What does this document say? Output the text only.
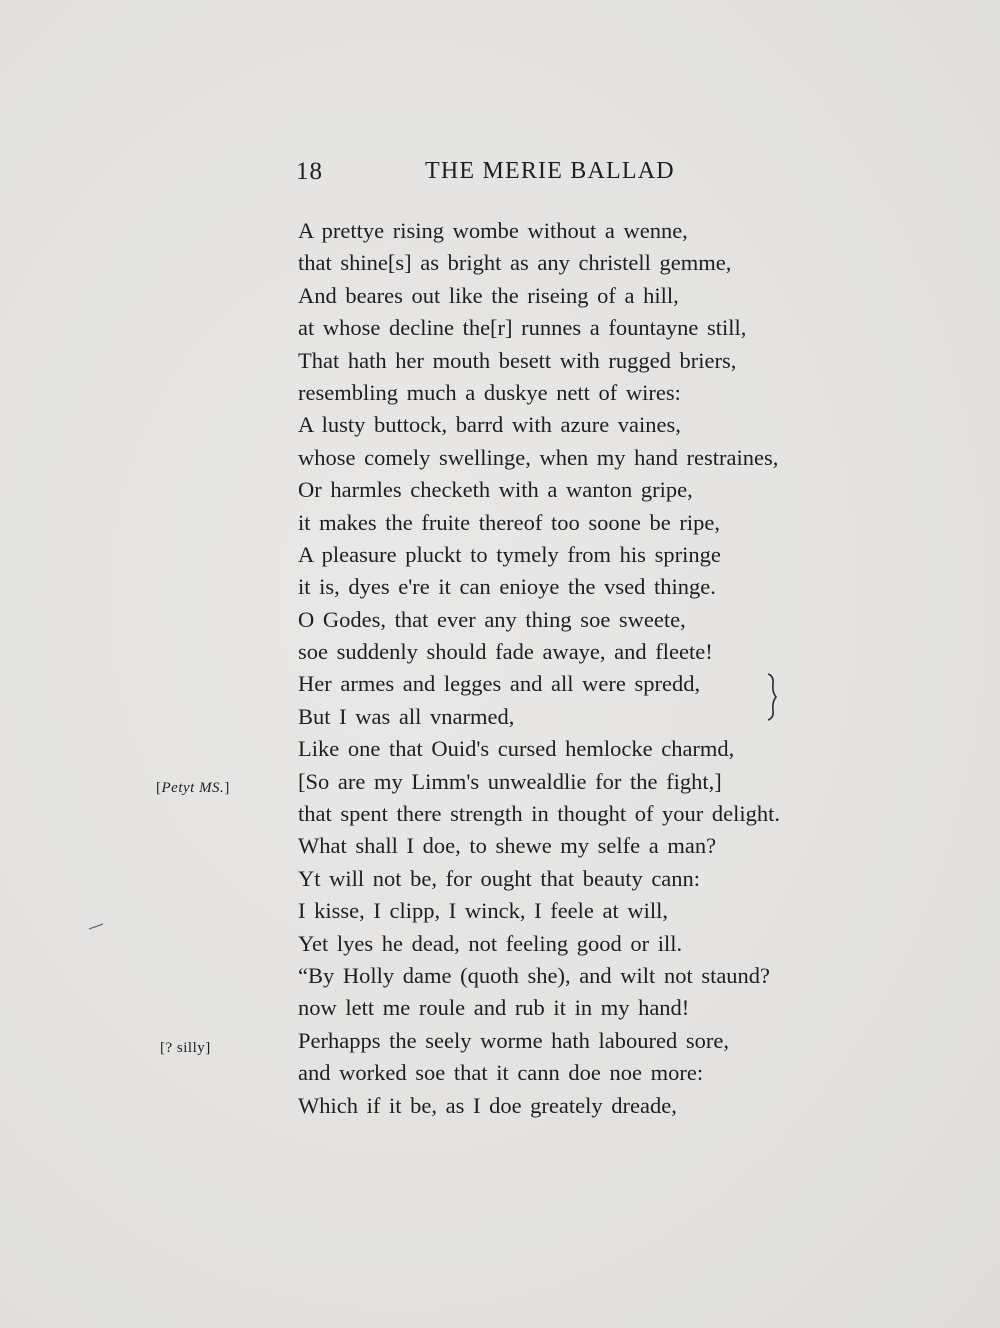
18	THE MERIE BALLAD
A prettye rising wombe without a wenne,
that shine[s] as bright as any christell gemme,
And beares out like the riseing of a hill,
at whose decline the[r] runnes a fountayne still,
That hath her mouth besett with rugged briers,
resembling much a duskye nett of wires:
A lusty buttock, barrd with azure vaines,
whose comely swellinge, when my hand restraines,
Or harmles checketh with a wanton gripe,
it makes the fruite thereof too soone be ripe,
A pleasure pluckt to tymely from his springe
it is, dyes e're it can enioye the vsed thinge.
O Godes, that ever any thing soe sweete,
soe suddenly should fade awaye, and fleete!
Her armes and legges and all were spredd,
But I was all vnarmed,
Like one that Ouid's cursed hemlocke charmd,
[So are my Limm's unwealdlie for the fight,]
that spent there strength in thought of your delight.
What shall I doe, to shewe my selfe a man?
Yt will not be, for ought that beauty cann:
I kisse, I clipp, I winck, I feele at will,
Yet lyes he dead, not feeling good or ill.
“By Holly dame (quoth she), and wilt not staund?
now lett me roule and rub it in my hand!
Perhapps the seely worme hath laboured sore,
and worked soe that it cann doe noe more:
Which if it be, as I doe greately dreade,
[Petyt MS.]
[? silly]
